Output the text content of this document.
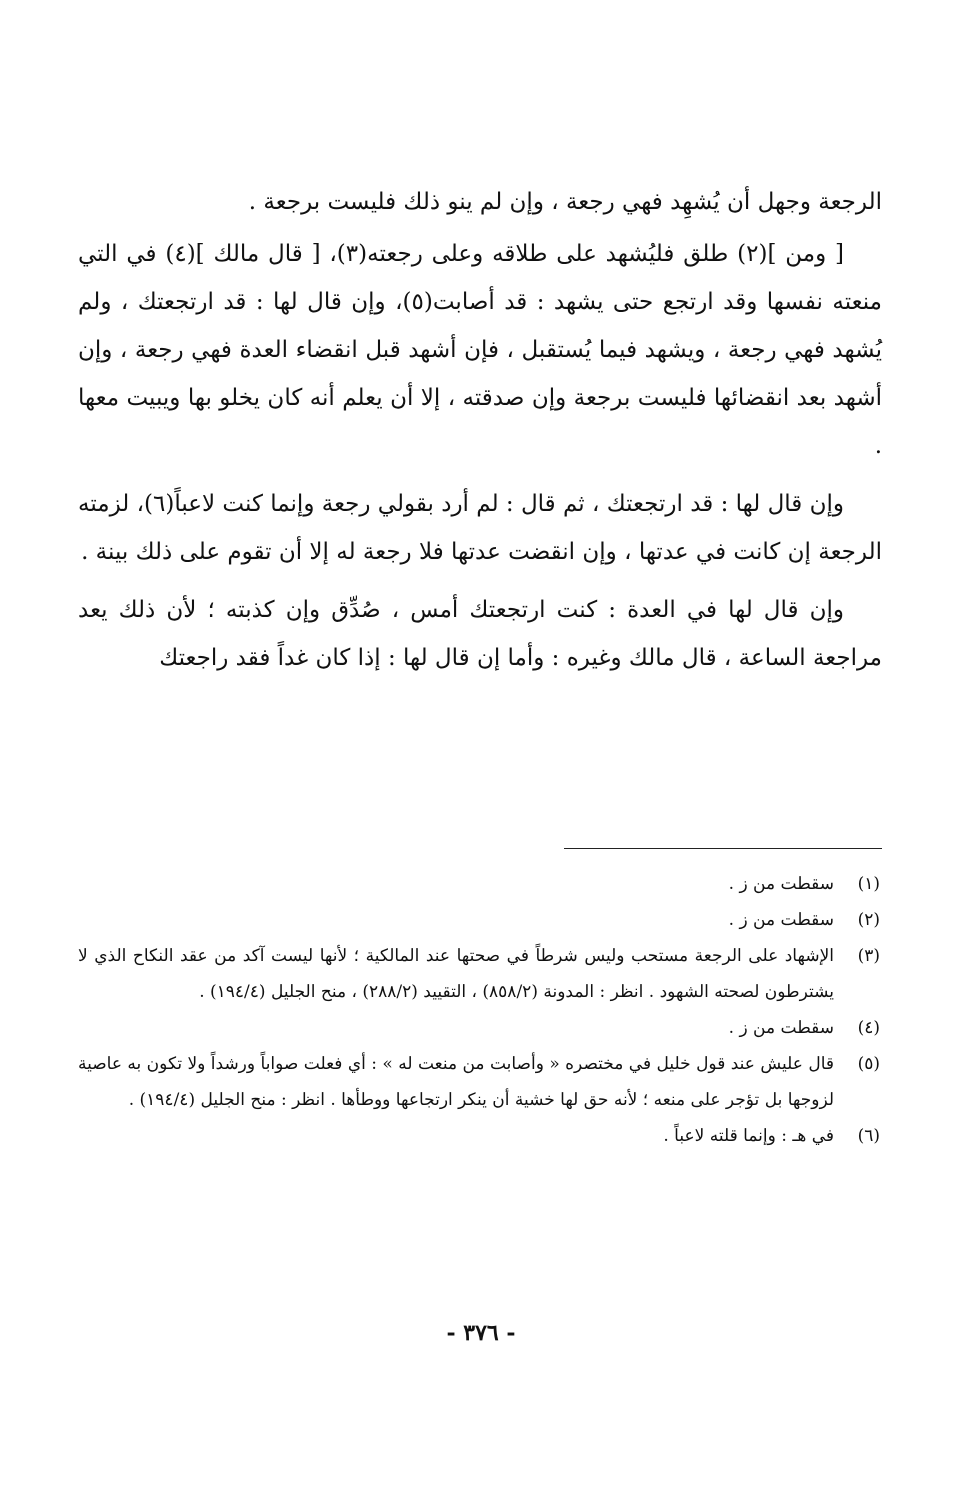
الرجعة وجهل أن يُشهِد فهي رجعة ، وإن لم ينو ذلك فليست برجعة .

[ ومن ](٢) طلق فليُشهد على طلاقه وعلى رجعته(٣)، [ قال مالك ](٤) في التي منعته نفسها وقد ارتجع حتى يشهد : قد أصابت(٥)، وإن قال لها : قد ارتجعتك ، ولم يُشهد فهي رجعة ، ويشهد فيما يُستقبل ، فإن أشهد قبل انقضاء العدة فهي رجعة ، وإن أشهد بعد انقضائها فليست برجعة وإن صدقته ، إلا أن يعلم أنه كان يخلو بها ويبيت معها .

وإن قال لها : قد ارتجعتك ، ثم قال : لم أرد بقولي رجعة وإنما كنت لاعباً(٦)، لزمته الرجعة إن كانت في عدتها ، وإن انقضت عدتها فلا رجعة له إلا أن تقوم على ذلك بينة .

وإن قال لها في العدة : كنت ارتجعتك أمس ، صُدِّق وإن كذبته ؛ لأن ذلك يعد مراجعة الساعة ، قال مالك وغيره : وأما إن قال لها : إذا كان غداً فقد راجعتك

(١)
سقطت من ز .
(٢)
سقطت من ز .
(٣)
الإشهاد على الرجعة مستحب وليس شرطاً في صحتها عند المالكية ؛ لأنها ليست آكد من عقد النكاح الذي لا يشترطون لصحته الشهود . انظر : المدونة (٨٥٨/٢) ، التقييد (٢٨٨/٢) ، منح الجليل (١٩٤/٤) .
(٤)
سقطت من ز .
(٥)
قال عليش عند قول خليل في مختصره « وأصابت من منعت له » : أي فعلت صواباً ورشداً ولا تكون به عاصية لزوجها بل تؤجر على منعه ؛ لأنه حق لها خشية أن ينكر ارتجاعها ووطأها . انظر : منح الجليل (١٩٤/٤) .
(٦)
في هـ : وإنما قلته لاعباً .
- ٣٧٦ -
